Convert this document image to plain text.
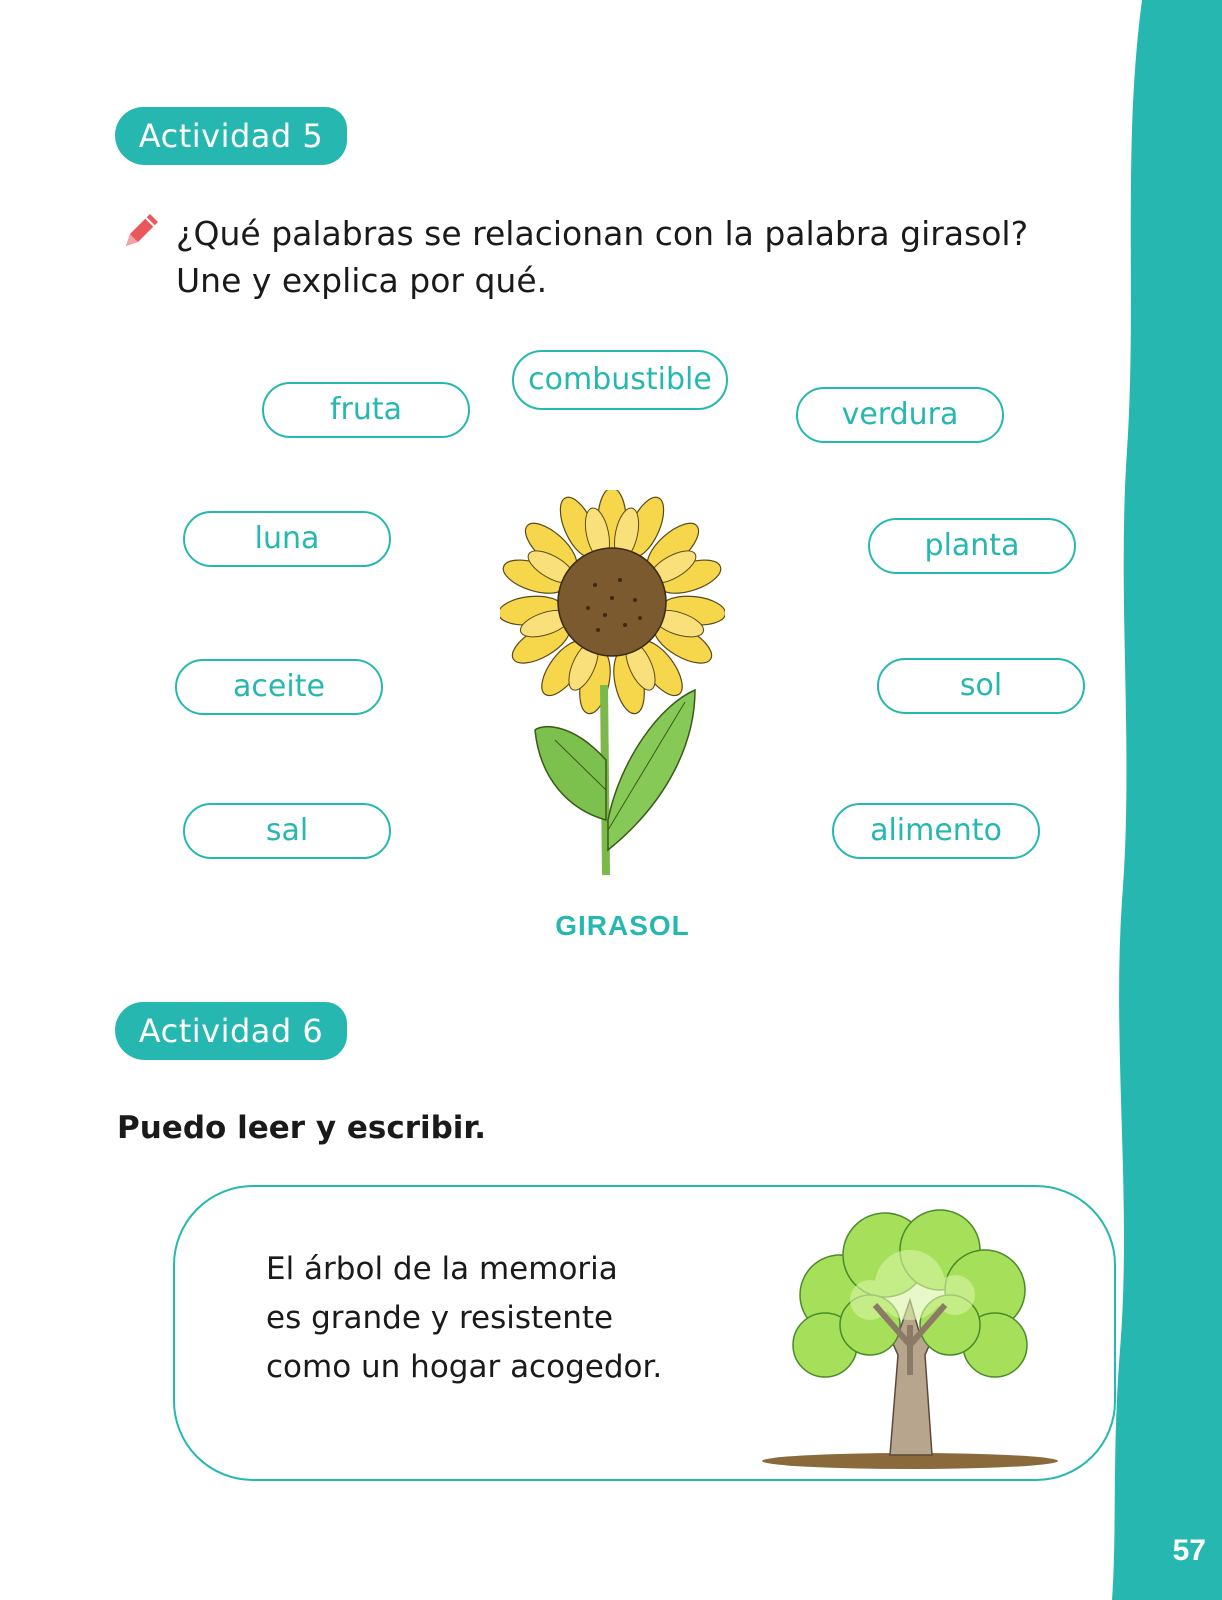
57
Actividad 5
¿Qué palabras se relacionan con la palabra girasol?
Une y explica por qué.
combustible
fruta	verdura
luna	planta
aceite	sol
sal	alimento
GIRASOL
Actividad 6
Puedo leer y escribir.
El árbol de la memoria
es grande y resistente
como un hogar acogedor.
